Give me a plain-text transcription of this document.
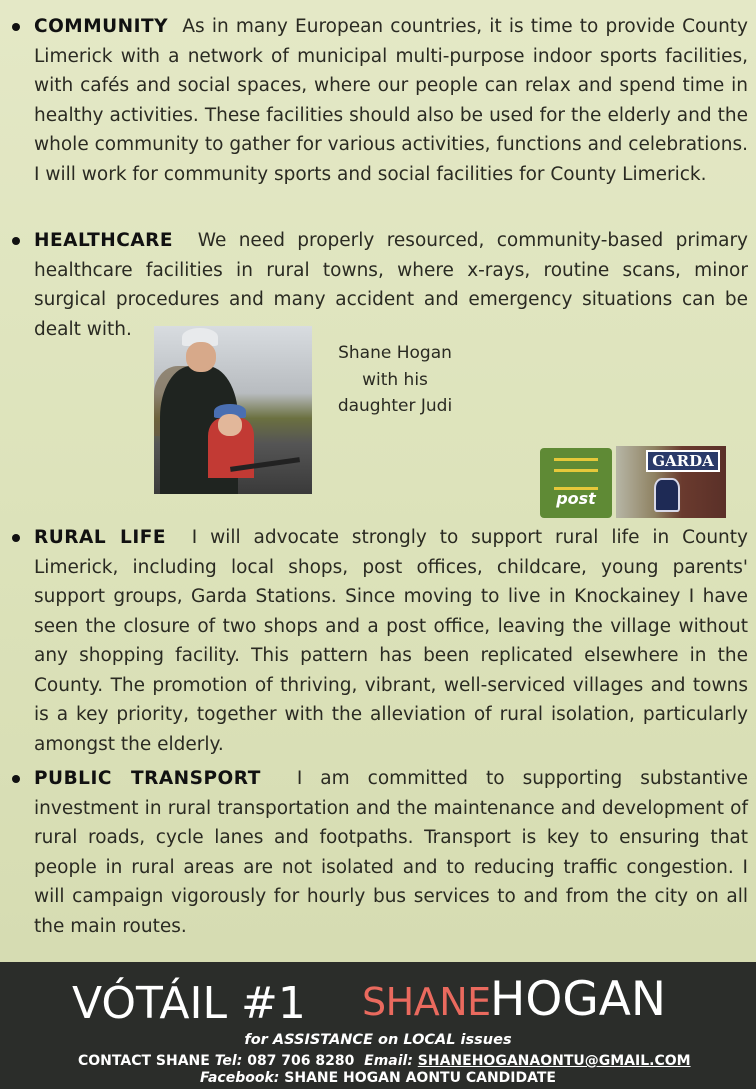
COMMUNITY As in many European countries, it is time to provide County Limerick with a network of municipal multi-purpose indoor sports facilities, with cafés and social spaces, where our people can relax and spend time in healthy activities. These facilities should also be used for the elderly and the whole community to gather for various activities, functions and celebrations. I will work for community sports and social facilities for County Limerick.
HEALTHCARE We need properly resourced, community-based primary healthcare facilities in rural towns, where x-rays, routine scans, minor surgical procedures and many accident and emergency situations can be dealt with.
Shane Hogan with his daughter Judi
post
GARDA
RURAL LIFE I will advocate strongly to support rural life in County Limerick, including local shops, post offices, childcare, young parents' support groups, Garda Stations. Since moving to live in Knockainey I have seen the closure of two shops and a post office, leaving the village without any shopping facility. This pattern has been replicated elsewhere in the County. The promotion of thriving, vibrant, well-serviced villages and towns is a key priority, together with the alleviation of rural isolation, particularly amongst the elderly.
PUBLIC TRANSPORT I am committed to supporting substantive investment in rural transportation and the maintenance and development of rural roads, cycle lanes and footpaths. Transport is key to ensuring that people in rural areas are not isolated and to reducing traffic congestion. I will campaign vigorously for hourly bus services to and from the city on all the main routes.
VÓTÁIL #1 SHANE HOGAN
for ASSISTANCE on LOCAL issues
CONTACT SHANE Tel: 087 706 8280 Email: SHANEHOGANAONTU@GMAIL.COM
Facebook: SHANE HOGAN AONTU CANDIDATE
